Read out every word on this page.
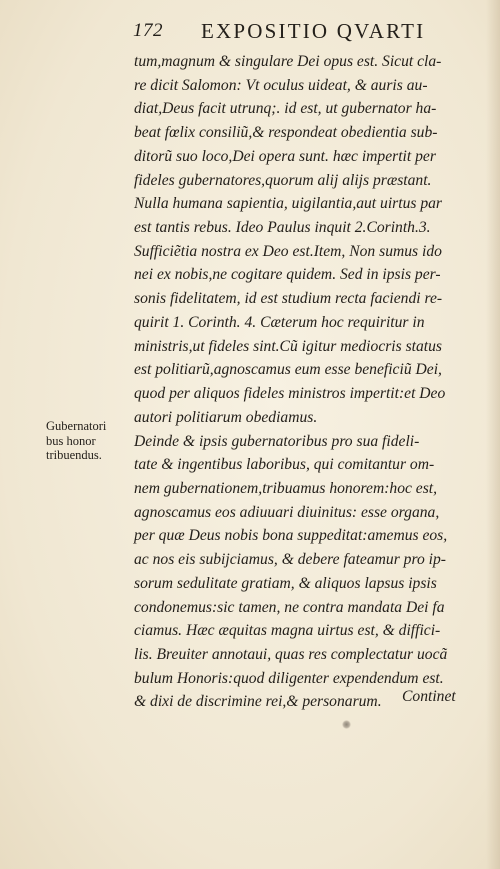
172 EXPOSITIO QVARTI
Gubernatori
bus honor
tribuendus.
tum,magnum & singulare Dei opus est. Sicut cla-
re dicit Salomon: Vt oculus uideat, & auris au-
diat,Deus facit utrunq;. id est, ut gubernator ha-
beat fœlix consiliũ,& respondeat obedientia sub-
ditorũ suo loco,Dei opera sunt. hæc impertit per
fideles gubernatores,quorum alij alijs præstant.
Nulla humana sapientia, uigilantia,aut uirtus par
est tantis rebus. Ideo Paulus inquit 2.Corinth.3.
Sufficiẽtia nostra ex Deo est.Item, Non sumus ido
nei ex nobis,ne cogitare quidem. Sed in ipsis per-
sonis fidelitatem, id est studium recta faciendi re-
quirit 1. Corinth. 4. Cæterum hoc requiritur in
ministris,ut fideles sint.Cũ igitur mediocris status
est politiarũ,agnoscamus eum esse beneficiũ Dei,
quod per aliquos fideles ministros impertit:et Deo
autori politiarum obediamus.
Deinde & ipsis gubernatoribus pro sua fideli-
tate & ingentibus laboribus, qui comitantur om-
nem gubernationem,tribuamus honorem:hoc est,
agnoscamus eos adiuuari diuinitus: esse organa,
per quæ Deus nobis bona suppeditat:amemus eos,
ac nos eis subijciamus, & debere fateamur pro ip-
sorum sedulitate gratiam, & aliquos lapsus ipsis
condonemus:sic tamen, ne contra mandata Dei fa
ciamus. Hæc æquitas magna uirtus est, & diffici-
lis. Breuiter annotaui, quas res complectatur uocã
bulum Honoris:quod diligenter expendendum est.
& dixi de discrimine rei,& personarum.	Continet
